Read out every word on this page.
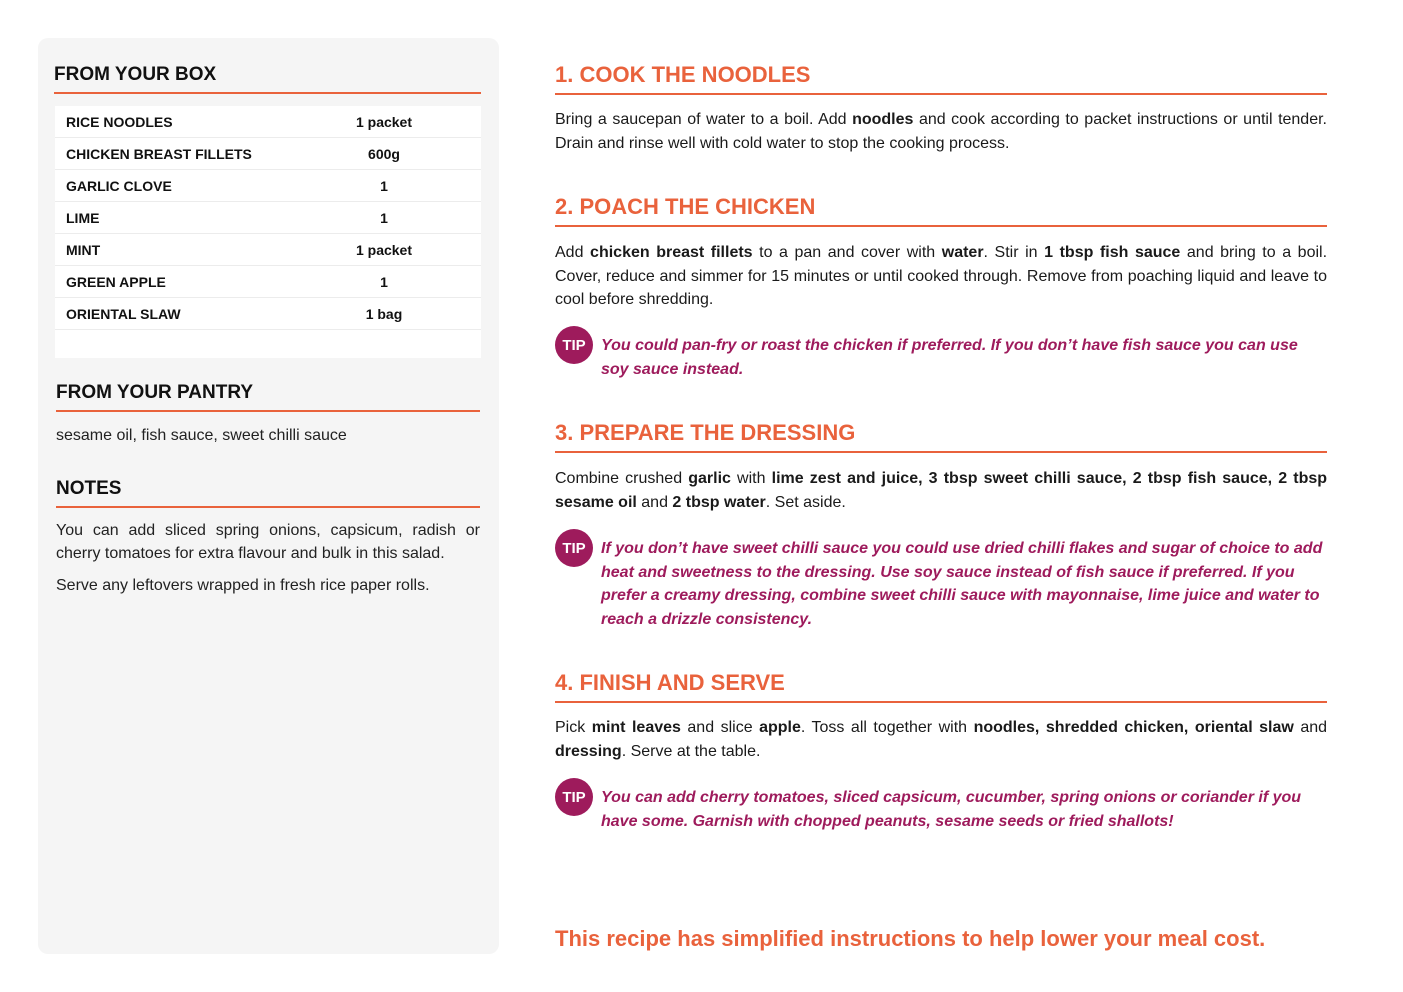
FROM YOUR BOX
RICE NOODLES	1 packet
CHICKEN BREAST FILLETS	600g
GARLIC CLOVE	1
LIME	1
MINT	1 packet
GREEN APPLE	1
ORIENTAL SLAW	1 bag
FROM YOUR PANTRY
sesame oil, fish sauce, sweet chilli sauce
NOTES
You can add sliced spring onions, capsicum, radish or cherry tomatoes for extra flavour and bulk in this salad.
Serve any leftovers wrapped in fresh rice paper rolls.
1. COOK THE NOODLES

Bring a saucepan of water to a boil. Add noodles and cook according to packet instructions or until tender. Drain and rinse well with cold water to stop the cooking process.

2. POACH THE CHICKEN

Add chicken breast fillets to a pan and cover with water. Stir in 1 tbsp fish sauce and bring to a boil. Cover, reduce and simmer for 15 minutes or until cooked through. Remove from poaching liquid and leave to cool before shredding.

TIP You could pan-fry or roast the chicken if preferred. If you don’t have fish sauce you can use soy sauce instead.

3. PREPARE THE DRESSING

Combine crushed garlic with lime zest and juice, 3 tbsp sweet chilli sauce, 2 tbsp fish sauce, 2 tbsp sesame oil and 2 tbsp water. Set aside.

TIP If you don’t have sweet chilli sauce you could use dried chilli flakes and sugar of choice to add heat and sweetness to the dressing. Use soy sauce instead of fish sauce if preferred. If you prefer a creamy dressing, combine sweet chilli sauce with mayonnaise, lime juice and water to reach a drizzle consistency.

4. FINISH AND SERVE

Pick mint leaves and slice apple. Toss all together with noodles, shredded chicken, oriental slaw and dressing. Serve at the table.

TIP You can add cherry tomatoes, sliced capsicum, cucumber, spring onions or coriander if you have some. Garnish with chopped peanuts, sesame seeds or fried shallots!

This recipe has simplified instructions to help lower your meal cost.
